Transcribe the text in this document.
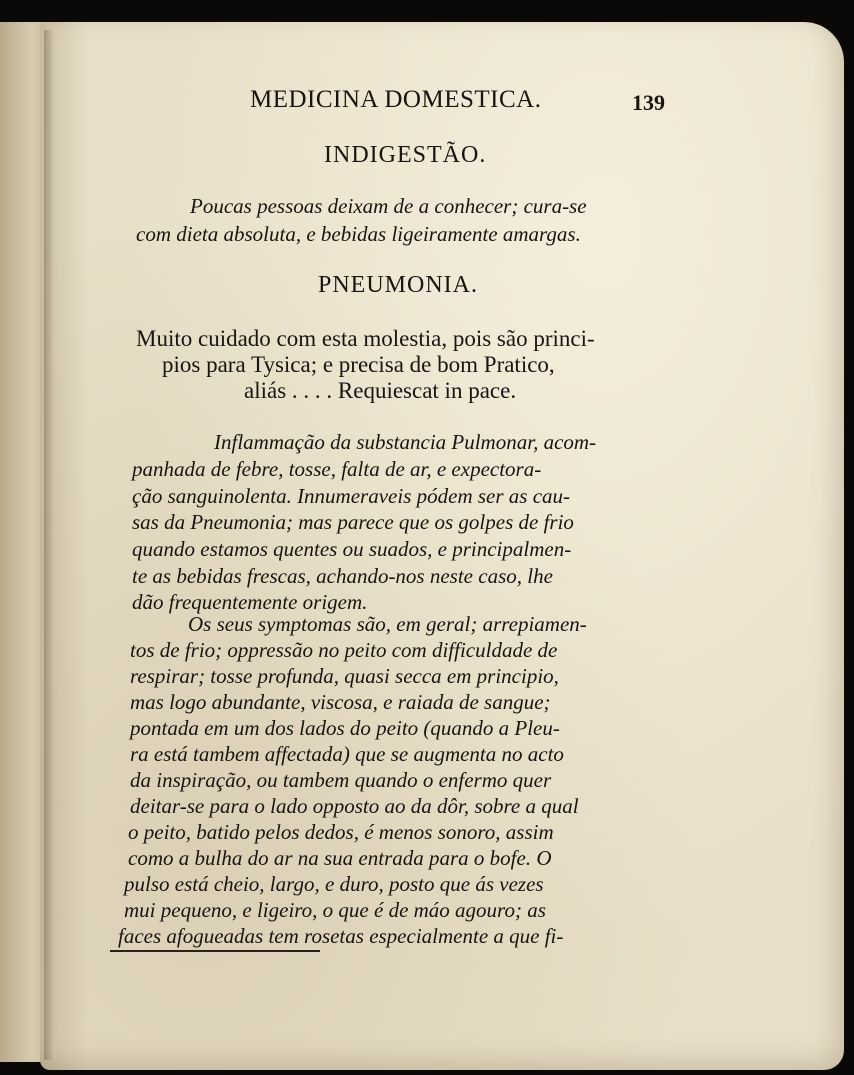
MEDICINA DOMESTICA.	139
INDIGESTÃO.
Poucas pessoas deixam de a conhecer; cura-se
com dieta absoluta, e bebidas ligeiramente amargas.
PNEUMONIA.
Muito cuidado com esta molestia, pois são princi-
pios para Tysica; e precisa de bom Pratico,
aliás . . . . Requiescat in pace.
Inflammação da substancia Pulmonar, acom-
panhada de febre, tosse, falta de ar, e expectora-
ção sanguinolenta. Innumeraveis pódem ser as cau-
sas da Pneumonia; mas parece que os golpes de frio
quando estamos quentes ou suados, e principalmen-
te as bebidas frescas, achando-nos neste caso, lhe
dão frequentemente origem.
Os seus symptomas são, em geral; arrepiamen-
tos de frio; oppressão no peito com difficuldade de
respirar; tosse profunda, quasi secca em principio,
mas logo abundante, viscosa, e raiada de sangue;
pontada em um dos lados do peito (quando a Pleu-
ra está tambem affectada) que se augmenta no acto
da inspiração, ou tambem quando o enfermo quer
deitar-se para o lado opposto ao da dôr, sobre a qual
o peito, batido pelos dedos, é menos sonoro, assim
como a bulha do ar na sua entrada para o bofe. O
pulso está cheio, largo, e duro, posto que ás vezes
mui pequeno, e ligeiro, o que é de máo agouro; as
faces afogueadas tem rosetas especialmente a que fi-
